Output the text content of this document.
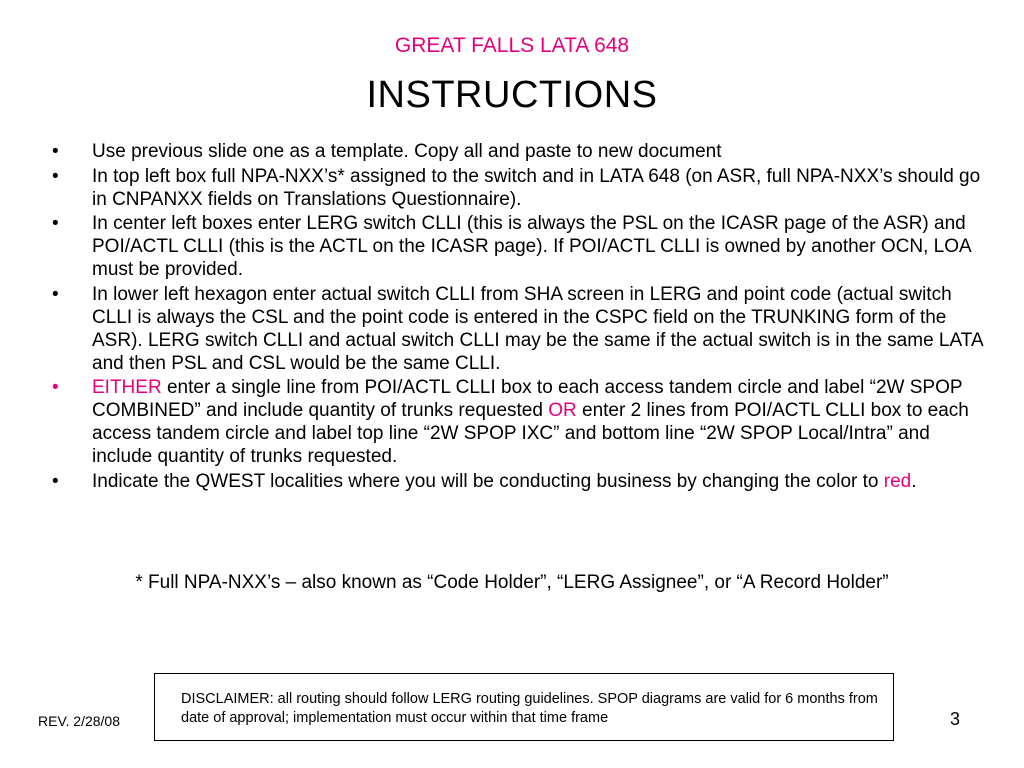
GREAT FALLS LATA 648
INSTRUCTIONS
•	Use previous slide one as a template. Copy all and paste to new document
•	In top left box full NPA-NXX’s* assigned to the switch and in LATA 648 (on ASR, full NPA-NXX’s should go in CNPANXX fields on Translations Questionnaire).
•	In center left boxes enter LERG switch CLLI (this is always the PSL on the ICASR page of the ASR) and POI/ACTL CLLI (this is the ACTL on the ICASR page). If POI/ACTL CLLI is owned by another OCN, LOA must be provided.
•	In lower left hexagon enter actual switch CLLI from SHA screen in LERG and point code (actual switch CLLI is always the CSL and the point code is entered in the CSPC field on the TRUNKING form of the ASR). LERG switch CLLI and actual switch CLLI may be the same if the actual switch is in the same LATA and then PSL and CSL would be the same CLLI.
•	EITHER enter a single line from POI/ACTL CLLI box to each access tandem circle and label “2W SPOP COMBINED” and include quantity of trunks requested OR enter 2 lines from POI/ACTL CLLI box to each access tandem circle and label top line “2W SPOP IXC” and bottom line “2W SPOP Local/Intra” and include quantity of trunks requested.
•	Indicate the QWEST localities where you will be conducting business by changing the color to red.
* Full NPA-NXX’s – also known as “Code Holder”, “LERG Assignee”, or “A Record Holder”
DISCLAIMER: all routing should follow LERG routing guidelines. SPOP diagrams are valid for 6 months from date of approval; implementation must occur within that time frame
REV. 2/28/08	3
